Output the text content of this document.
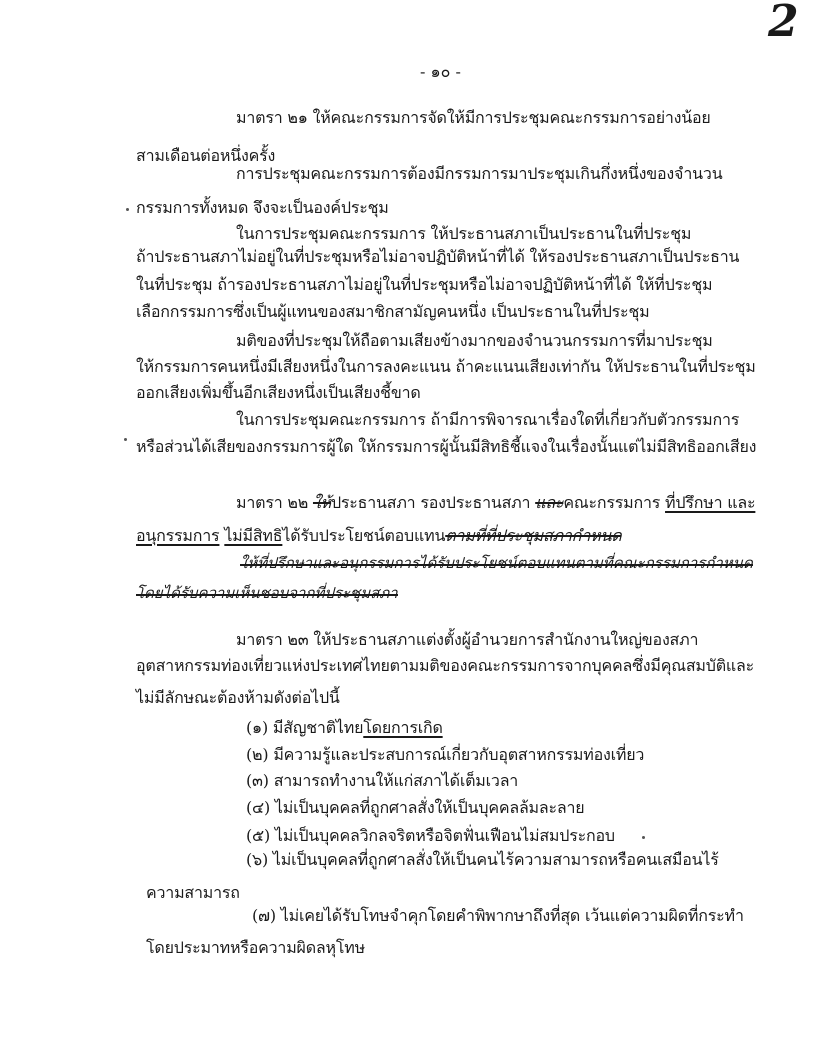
2
- ๑๐ -
มาตรา ๒๑ ให้คณะกรรมการจัดให้มีการประชุมคณะกรรมการอย่างน้อย
สามเดือนต่อหนึ่งครั้ง
การประชุมคณะกรรมการต้องมีกรรมการมาประชุมเกินกึ่งหนึ่งของจำนวน
กรรมการทั้งหมด จึงจะเป็นองค์ประชุม
ในการประชุมคณะกรรมการ ให้ประธานสภาเป็นประธานในที่ประชุม
ถ้าประธานสภาไม่อยู่ในที่ประชุมหรือไม่อาจปฏิบัติหน้าที่ได้ ให้รองประธานสภาเป็นประธาน
ในที่ประชุม ถ้ารองประธานสภาไม่อยู่ในที่ประชุมหรือไม่อาจปฏิบัติหน้าที่ได้ ให้ที่ประชุม
เลือกกรรมการซึ่งเป็นผู้แทนของสมาชิกสามัญคนหนึ่ง เป็นประธานในที่ประชุม
มติของที่ประชุมให้ถือตามเสียงข้างมากของจำนวนกรรมการที่มาประชุม
ให้กรรมการคนหนึ่งมีเสียงหนึ่งในการลงคะแนน ถ้าคะแนนเสียงเท่ากัน ให้ประธานในที่ประชุม
ออกเสียงเพิ่มขึ้นอีกเสียงหนึ่งเป็นเสียงชี้ขาด
ในการประชุมคณะกรรมการ ถ้ามีการพิจารณาเรื่องใดที่เกี่ยวกับตัวกรรมการ
หรือส่วนได้เสียของกรรมการผู้ใด ให้กรรมการผู้นั้นมีสิทธิชี้แจงในเรื่องนั้นแต่ไม่มีสิทธิออกเสียง
มาตรา ๒๒ ให้ประธานสภา รองประธานสภา และคณะกรรมการ ที่ปรึกษา และ
อนุกรรมการ ไม่มีสิทธิได้รับประโยชน์ตอบแทนตามที่ที่ประชุมสภากำหนด
ให้ที่ปรึกษาและอนุกรรมการได้รับประโยชน์ตอบแทนตามที่คณะกรรมการกำหนด
โดยได้รับความเห็นชอบจากที่ประชุมสภา
มาตรา ๒๓ ให้ประธานสภาแต่งตั้งผู้อำนวยการสำนักงานใหญ่ของสภา
อุตสาหกรรมท่องเที่ยวแห่งประเทศไทยตามมติของคณะกรรมการจากบุคคลซึ่งมีคุณสมบัติและ
ไม่มีลักษณะต้องห้ามดังต่อไปนี้
(๑) มีสัญชาติไทยโดยการเกิด
(๒) มีความรู้และประสบการณ์เกี่ยวกับอุตสาหกรรมท่องเที่ยว
(๓) สามารถทำงานให้แก่สภาได้เต็มเวลา
(๔) ไม่เป็นบุคคลที่ถูกศาลสั่งให้เป็นบุคคลล้มละลาย
(๕) ไม่เป็นบุคคลวิกลจริตหรือจิตฟั่นเฟือนไม่สมประกอบ
(๖) ไม่เป็นบุคคลที่ถูกศาลสั่งให้เป็นคนไร้ความสามารถหรือคนเสมือนไร้
ความสามารถ
(๗) ไม่เคยได้รับโทษจำคุกโดยคำพิพากษาถึงที่สุด เว้นแต่ความผิดที่กระทำ
โดยประมาทหรือความผิดลหุโทษ
